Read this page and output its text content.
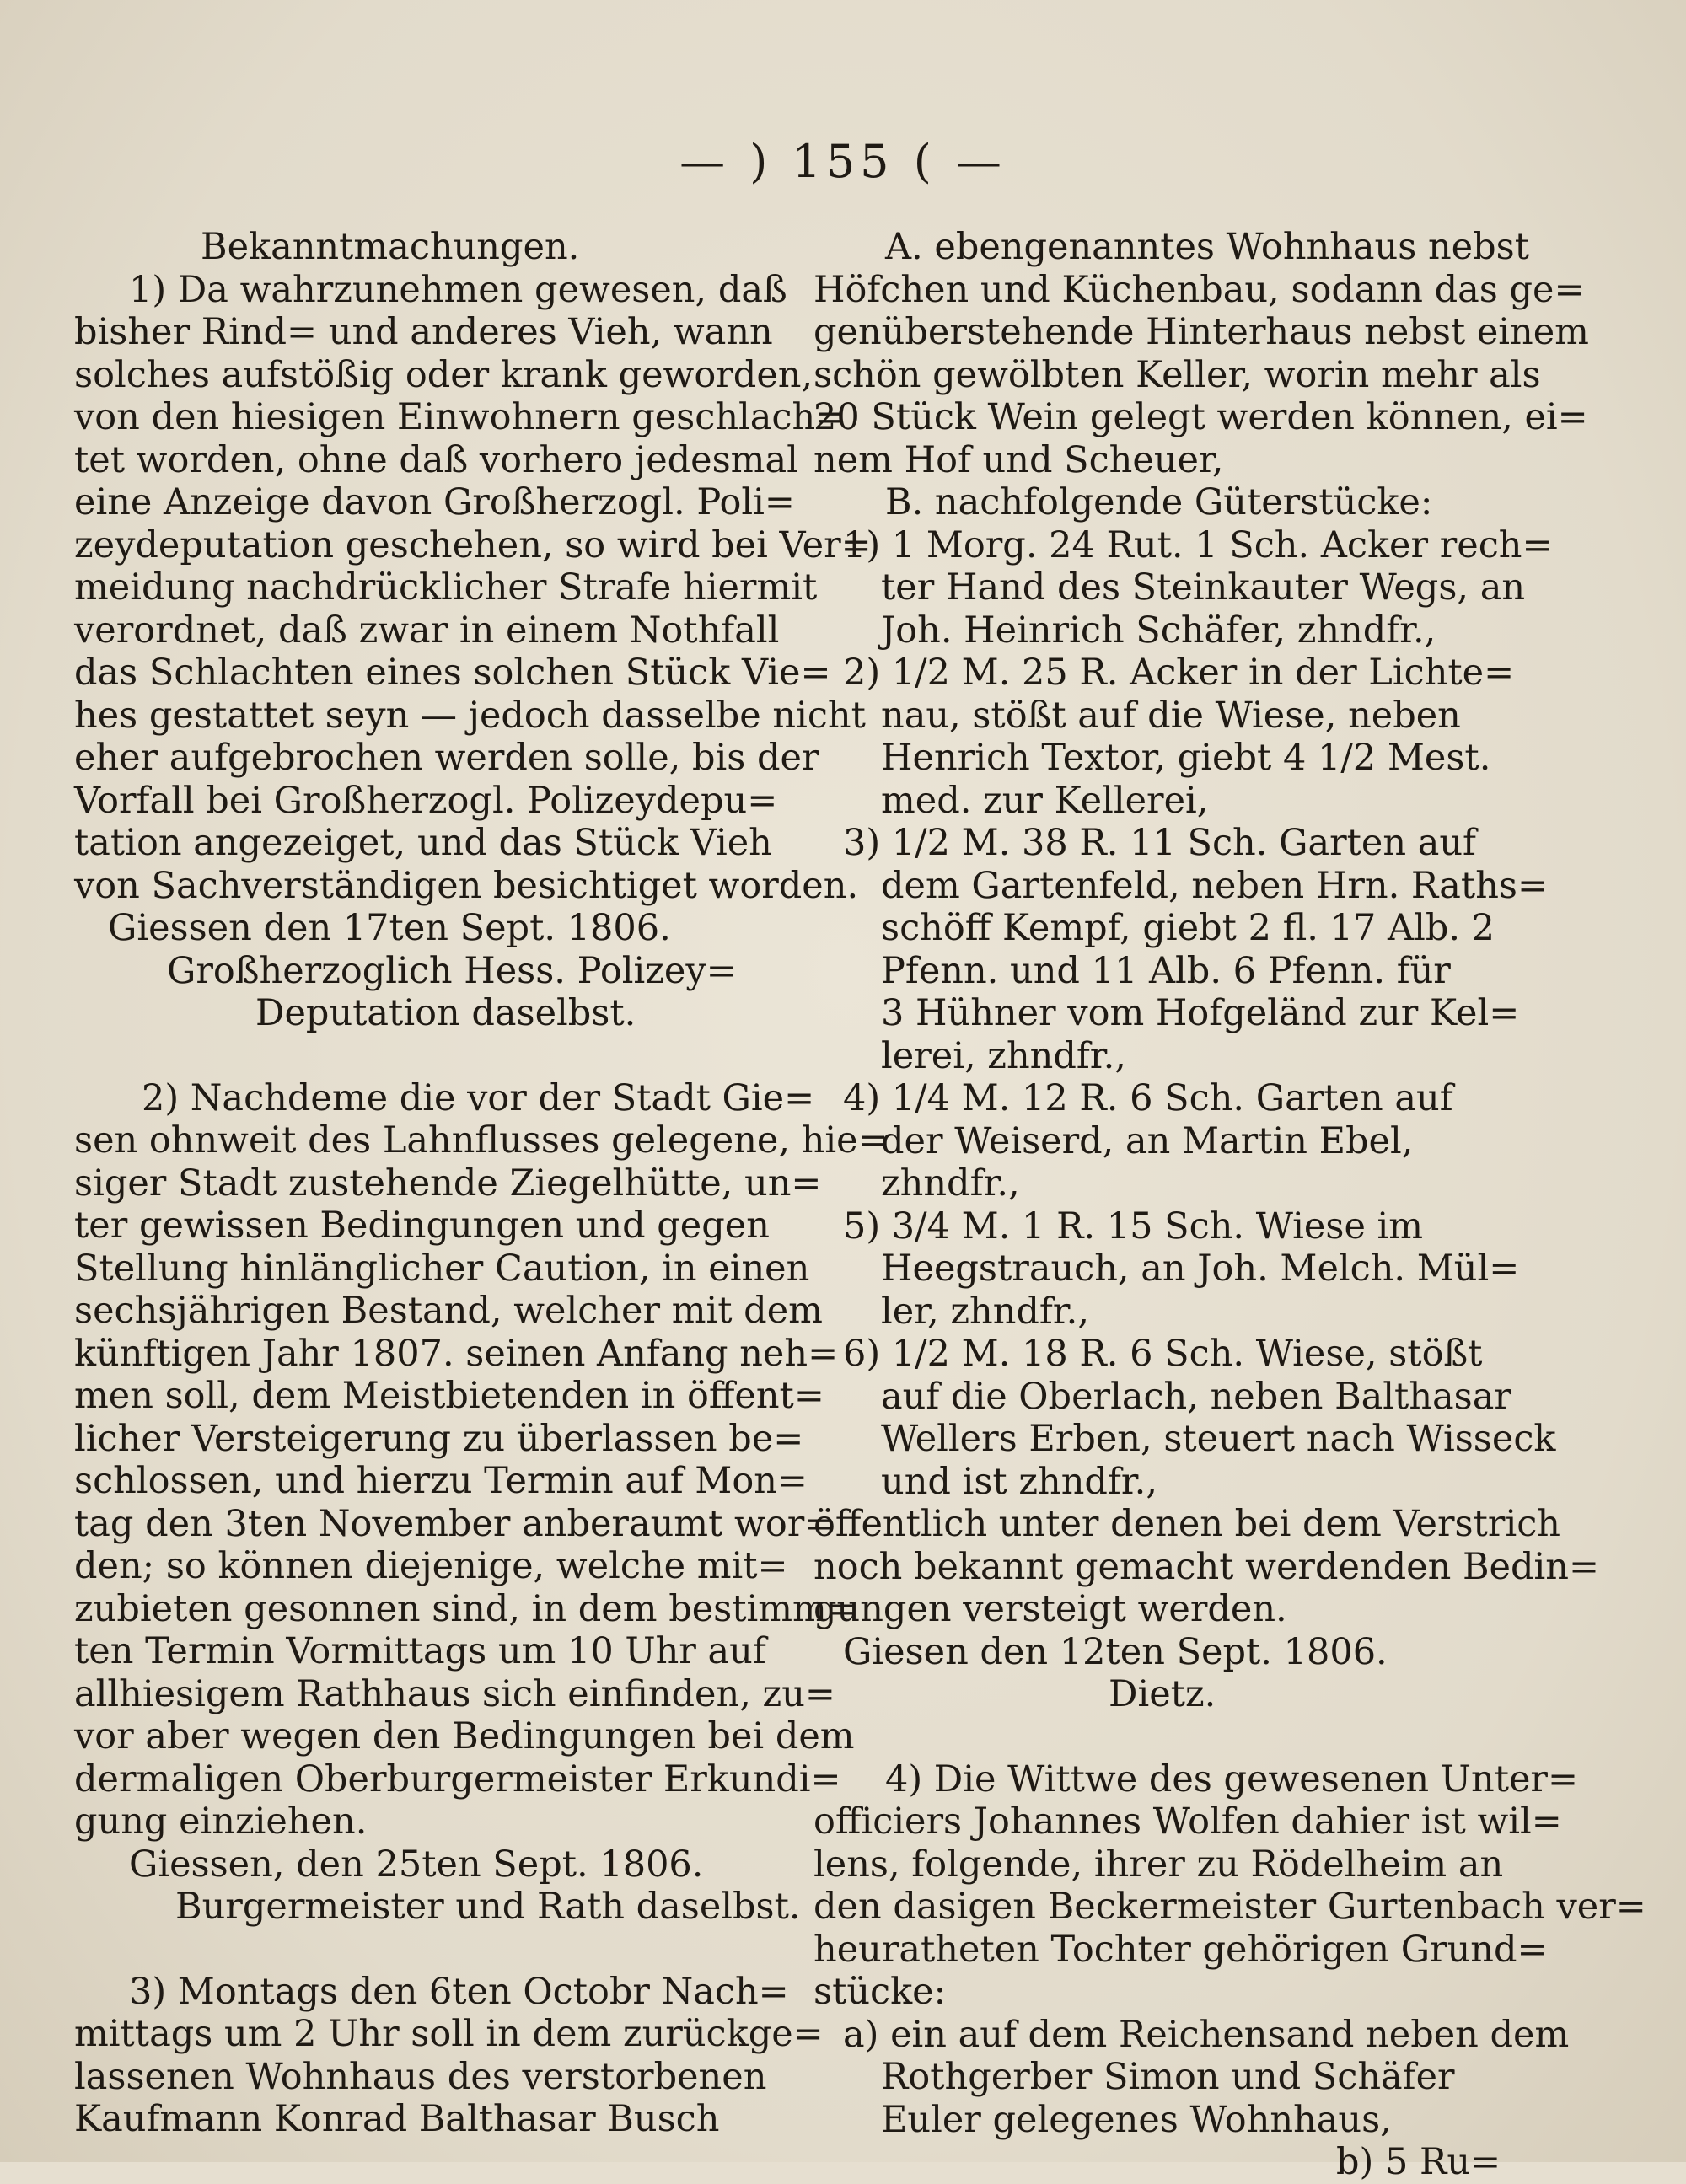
— ) 155 ( —
Bekanntmachungen.
1) Da wahrzunehmen gewesen, daß
bisher Rind= und anderes Vieh, wann
solches aufstößig oder krank geworden,
von den hiesigen Einwohnern geschlach=
tet worden, ohne daß vorhero jedesmal
eine Anzeige davon Großherzogl. Poli=
zeydeputation geschehen, so wird bei Ver=
meidung nachdrücklicher Strafe hiermit
verordnet, daß zwar in einem Nothfall
das Schlachten eines solchen Stück Vie=
hes gestattet seyn — jedoch dasselbe nicht
eher aufgebrochen werden solle, bis der
Vorfall bei Großherzogl. Polizeydepu=
tation angezeiget, und das Stück Vieh
von Sachverständigen besichtiget worden.
Giessen den 17ten Sept. 1806.
Großherzoglich Hess. Polizey=
Deputation daselbst.
2) Nachdeme die vor der Stadt Gie=
sen ohnweit des Lahnflusses gelegene, hie=
siger Stadt zustehende Ziegelhütte, un=
ter gewissen Bedingungen und gegen
Stellung hinlänglicher Caution, in einen
sechsjährigen Bestand, welcher mit dem
künftigen Jahr 1807. seinen Anfang neh=
men soll, dem Meistbietenden in öffent=
licher Versteigerung zu überlassen be=
schlossen, und hierzu Termin auf Mon=
tag den 3ten November anberaumt wor=
den; so können diejenige, welche mit=
zubieten gesonnen sind, in dem bestimm=
ten Termin Vormittags um 10 Uhr auf
allhiesigem Rathhaus sich einfinden, zu=
vor aber wegen den Bedingungen bei dem
dermaligen Oberburgermeister Erkundi=
gung einziehen.
Giessen, den 25ten Sept. 1806.
Burgermeister und Rath daselbst.
3) Montags den 6ten Octobr Nach=
mittags um 2 Uhr soll in dem zurückge=
lassenen Wohnhaus des verstorbenen
Kaufmann Konrad Balthasar Busch
A. ebengenanntes Wohnhaus nebst
Höfchen und Küchenbau, sodann das ge=
genüberstehende Hinterhaus nebst einem
schön gewölbten Keller, worin mehr als
20 Stück Wein gelegt werden können, ei=
nem Hof und Scheuer,
B. nachfolgende Güterstücke:
1) 1 Morg. 24 Rut. 1 Sch. Acker rech=
ter Hand des Steinkauter Wegs, an
Joh. Heinrich Schäfer, zhndfr.,
2) 1/2 M. 25 R. Acker in der Lichte=
nau, stößt auf die Wiese, neben
Henrich Textor, giebt 4 1/2 Mest.
med. zur Kellerei,
3) 1/2 M. 38 R. 11 Sch. Garten auf
dem Gartenfeld, neben Hrn. Raths=
schöff Kempf, giebt 2 fl. 17 Alb. 2
Pfenn. und 11 Alb. 6 Pfenn. für
3 Hühner vom Hofgeländ zur Kel=
lerei, zhndfr.,
4) 1/4 M. 12 R. 6 Sch. Garten auf
der Weiserd, an Martin Ebel,
zhndfr.,
5) 3/4 M. 1 R. 15 Sch. Wiese im
Heegstrauch, an Joh. Melch. Mül=
ler, zhndfr.,
6) 1/2 M. 18 R. 6 Sch. Wiese, stößt
auf die Oberlach, neben Balthasar
Wellers Erben, steuert nach Wisseck
und ist zhndfr.,
öffentlich unter denen bei dem Verstrich
noch bekannt gemacht werdenden Bedin=
gungen versteigt werden.
Giesen den 12ten Sept. 1806.
Dietz.
4) Die Wittwe des gewesenen Unter=
officiers Johannes Wolfen dahier ist wil=
lens, folgende, ihrer zu Rödelheim an
den dasigen Beckermeister Gurtenbach ver=
heuratheten Tochter gehörigen Grund=
stücke:
a) ein auf dem Reichensand neben dem
Rothgerber Simon und Schäfer
Euler gelegenes Wohnhaus,
b) 5 Ru=
